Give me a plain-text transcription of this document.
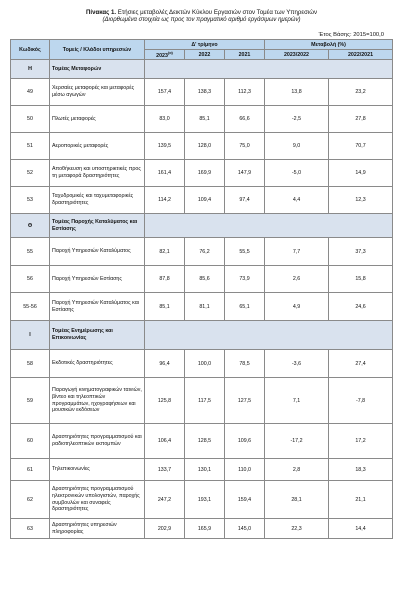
Πίνακας 1. Ετήσιες μεταβολές Δεικτών Κύκλου Εργασιών στον Τομέα των Υπηρεσιών
(Διορθωμένα στοιχεία ως προς τον πραγματικό αριθμό εργάσιμων ημερών)
Έτος Βάσης: 2015=100,0
Κωδικός	Τομείς / Κλάδοι υπηρεσιών	Δ' τρίμηνο			Μεταβολή (%)	
		$2023^{(\alpha)}$	2022	2021	2023/2022	2022/2021
Η	Τομέας Μεταφορών					
49	Χερσαίες μεταφορές και μεταφορές μέσω αγωγών	157,4	138,3	112,3	13,8	23,2
50	Πλωτές μεταφορές	83,0	85,1	66,6	-2,5	27,8
51	Αεροπορικές μεταφορές	139,5	128,0	75,0	9,0	70,7
52	Αποθήκευση και υποστηρικτικές προς τη μεταφορά δραστηριότητες	161,4	169,9	147,9	-5,0	14,9
53	Ταχυδρομικές και ταχυμεταφορικές δραστηριότητες	114,2	109,4	97,4	4,4	12,3
Θ	Τομέας Παροχής Καταλύματος και Εστίασης					
55	Παροχή Υπηρεσιών Καταλύματος	82,1	76,2	55,5	7,7	37,3
56	Παροχή Υπηρεσιών Εστίασης	87,8	85,6	73,9	2,6	15,8
55-56	Παροχή Υπηρεσιών Καταλύματος και Εστίασης	85,1	81,1	65,1	4,9	24,6
Ι	Τομέας Ενημέρωσης και Επικοινωνίας					
58	Εκδοτικές δραστηριότητες	96,4	100,0	78,5	-3,6	27,4
59	Παραγωγή κινηματογραφικών ταινιών, βίντεο και τηλεοπτικών προγραμμάτων, ηχογραφήσεων και μουσικών εκδόσεων	125,8	117,5	127,5	7,1	-7,8
60	Δραστηριότητες προγραμματισμού και ραδιοτηλεοπτικών εκπομπών	106,4	128,5	109,6	-17,2	17,2
61	Τηλεπικοινωνίες	133,7	130,1	110,0	2,8	18,3
62	Δραστηριότητες προγραμματισμού ηλεκτρονικών υπολογιστών, παροχής συμβουλών και συναφείς δραστηριότητες	247,2	193,1	159,4	28,1	21,1
63	Δραστηριότητες υπηρεσιών πληροφορίας	202,9	165,9	145,0	22,3	14,4
